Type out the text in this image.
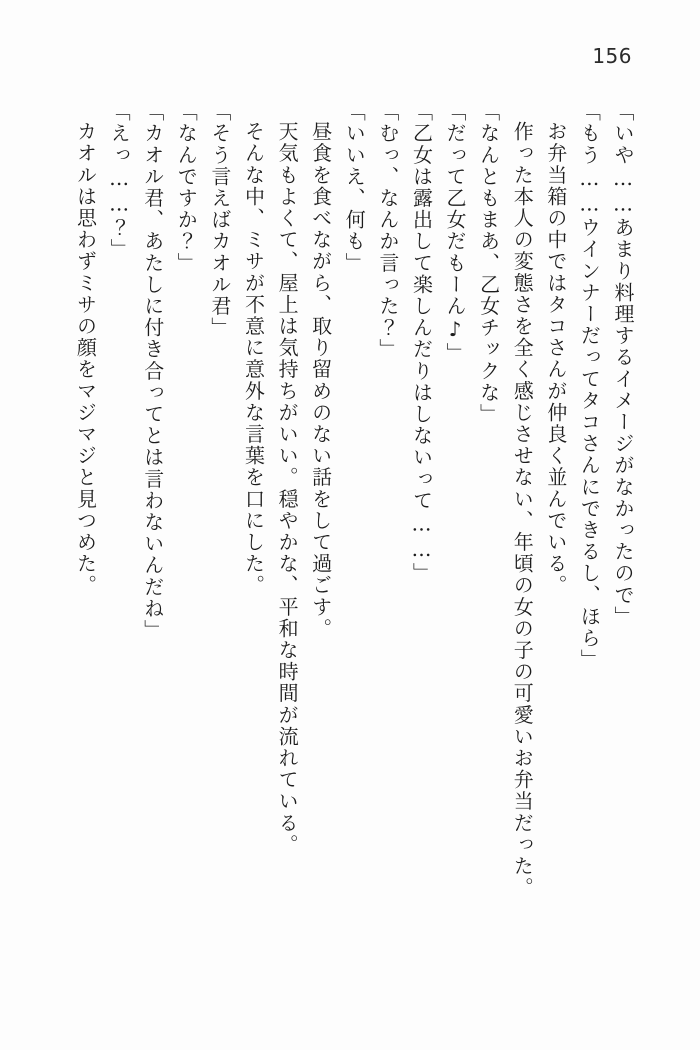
156

「いや……あまり料理するイメージがなかったので」

「もう……ウインナーだってタコさんにできるし、ほら」

お弁当箱の中ではタコさんが仲良く並んでいる。

作った本人の変態さを全く感じさせない、年頃の女の子の可愛いお弁当だった。

「なんともまあ、乙女チックな」

「だって乙女だもーん♪」

「乙女は露出して楽しんだりはしないって……」

「むっ、なんか言った？」

「いいえ、何も」

昼食を食べながら、取り留めのない話をして過ごす。

天気もよくて、屋上は気持ちがいい。穏やかな、平和な時間が流れている。

そんな中、ミサが不意に意外な言葉を口にした。

「そう言えばカオル君」

「なんですか？」

「カオル君、あたしに付き合ってとは言わないんだね」

「えっ……？」

カオルは思わずミサの顔をマジマジと見つめた。
